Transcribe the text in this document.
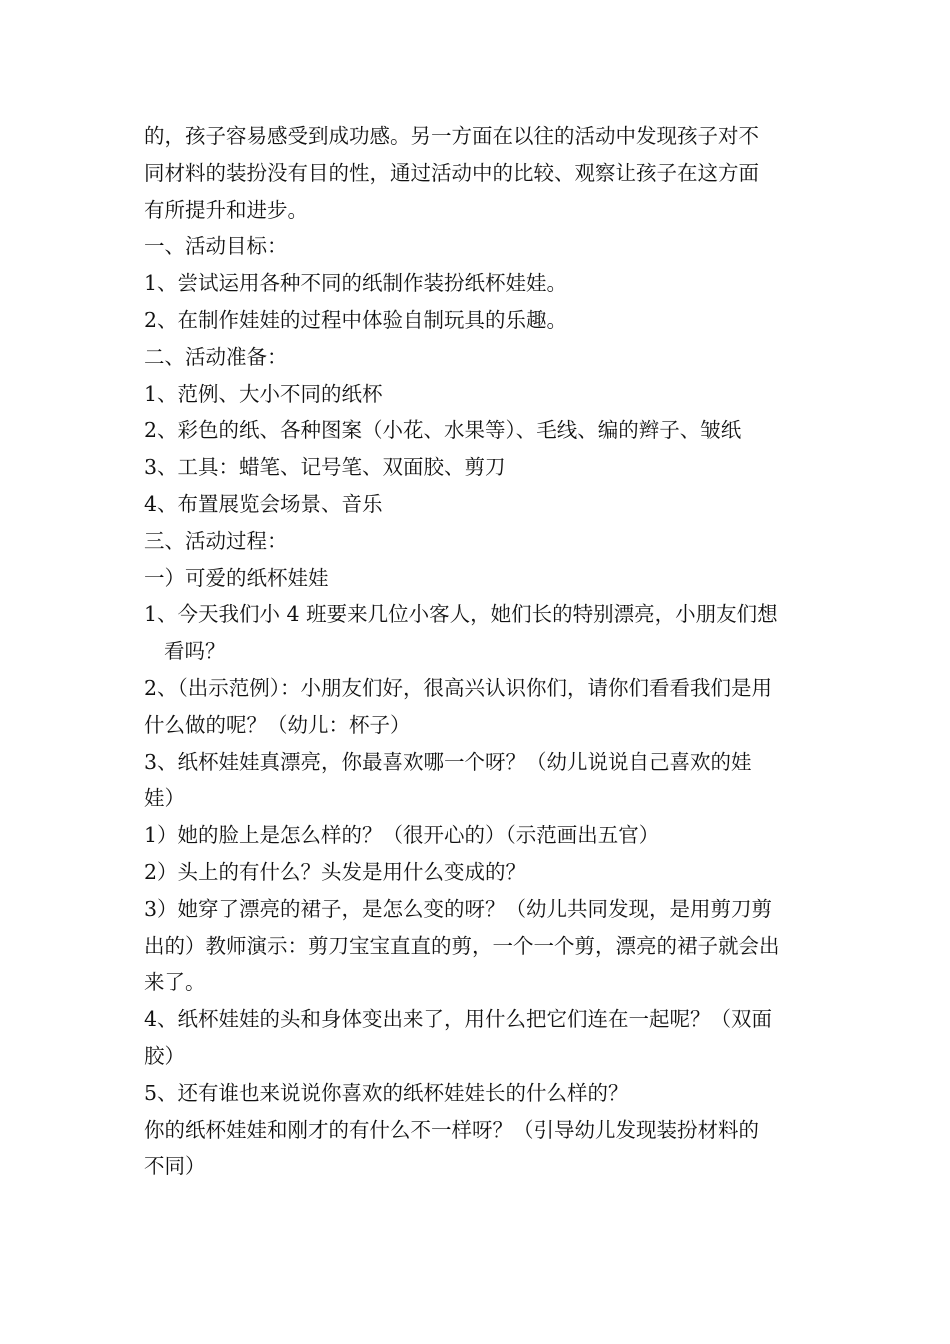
的，孩子容易感受到成功感。另一方面在以往的活动中发现孩子对不
同材料的装扮没有目的性，通过活动中的比较、观察让孩子在这方面
有所提升和进步。
一、活动目标：
1、尝试运用各种不同的纸制作装扮纸杯娃娃。
2、在制作娃娃的过程中体验自制玩具的乐趣。
二、活动准备：
1、范例、大小不同的纸杯
2、彩色的纸、各种图案（小花、水果等）、毛线、编的辫子、皱纸
3、工具：蜡笔、记号笔、双面胶、剪刀
4、布置展览会场景、音乐
三、活动过程：
一）可爱的纸杯娃娃
1、今天我们小 4 班要来几位小客人，她们长的特别漂亮，小朋友们想
看吗？
2、（出示范例）：小朋友们好，很高兴认识你们，请你们看看我们是用
什么做的呢？（幼儿：杯子）
3、纸杯娃娃真漂亮，你最喜欢哪一个呀？（幼儿说说自己喜欢的娃
娃）
1）她的脸上是怎么样的？（很开心的）（示范画出五官）
2）头上的有什么？头发是用什么变成的？
3）她穿了漂亮的裙子，是怎么变的呀？（幼儿共同发现，是用剪刀剪
出的）教师演示：剪刀宝宝直直的剪，一个一个剪，漂亮的裙子就会出
来了。
4、纸杯娃娃的头和身体变出来了，用什么把它们连在一起呢？（双面
胶）
5、还有谁也来说说你喜欢的纸杯娃娃长的什么样的？
你的纸杯娃娃和刚才的有什么不一样呀？（引导幼儿发现装扮材料的
不同）
